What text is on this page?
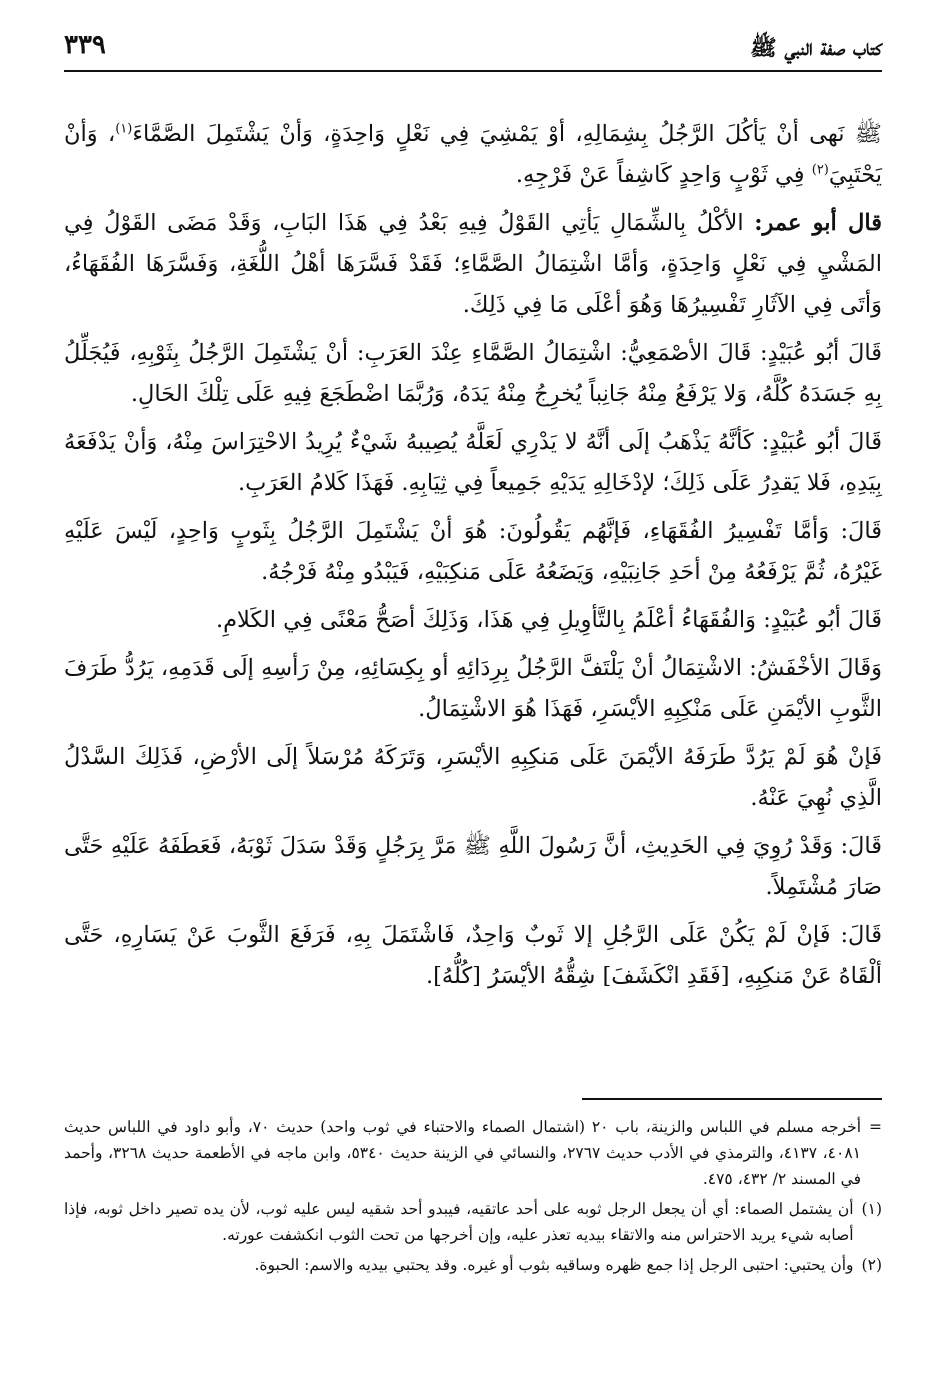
كتاب صفة النبي ﷺ
٣٣٩

ﷺ نَهى أنْ يَأكُلَ الرَّجُلُ بِشِمَالِهِ، أوْ يَمْشِيَ فِي نَعْلٍ وَاحِدَةٍ، وَأنْ يَشْتَمِلَ الصَّمَّاءَ$^{(١)}$، وَأنْ يَحْتَبِيَ$^{(٢)}$ فِي ثَوْبٍ وَاحِدٍ كَاشِفاً عَنْ فَرْجِهِ.

قال أبو عمر: الأكْلُ بِالشِّمَالِ يَأتِي القَوْلُ فِيهِ بَعْدُ فِي هَذَا البَابِ، وَقَدْ مَضَى القَوْلُ فِي المَشْيِ فِي نَعْلٍ وَاحِدَةٍ، وَأمَّا اشْتِمَالُ الصَّمَّاءِ؛ فَقَدْ فَسَّرَهَا أهْلُ اللُّغَةِ، وَفَسَّرَهَا الفُقَهَاءُ، وَأتَى فِي الآثَارِ تَفْسِيرُهَا وَهُوَ أعْلَى مَا فِي ذَلِكَ.

قَالَ أبُو عُبَيْدٍ: قَالَ الأصْمَعِيُّ: اشْتِمَالُ الصَّمَّاءِ عِنْدَ العَرَبِ: أنْ يَشْتَمِلَ الرَّجُلُ بِثَوْبِهِ، فَيُجَلِّلُ بِهِ جَسَدَهُ كُلَّهُ، وَلا يَرْفَعُ مِنْهُ جَانِباً يُخرِجُ مِنْهُ يَدَهُ، وَرُبَّمَا اضْطَجَعَ فِيهِ عَلَى تِلْكَ الحَالِ.

قَالَ أبُو عُبَيْدٍ: كَأنَّهُ يَذْهَبُ إلَى أنَّهُ لا يَدْرِي لَعَلَّهُ يُصِيبهُ شَيْءٌ يُرِيدُ الاحْتِرَاسَ مِنْهُ، وَأنْ يَدْفَعَهُ بِيَدِهِ، فَلا يَقدِرُ عَلَى ذَلِكَ؛ لإدْخَالِهِ يَدَيْهِ جَمِيعاً فِي ثِيَابِهِ. فَهَذَا كَلامُ العَرَبِ.

قَالَ: وَأمَّا تَفْسِيرُ الفُقَهَاءِ، فَإنَّهُم يَقُولُونَ: هُوَ أنْ يَشْتَمِلَ الرَّجُلُ بِثَوبٍ وَاحِدٍ، لَيْسَ عَلَيْهِ غَيْرُهُ، ثُمَّ يَرْفَعُهُ مِنْ أحَدِ جَانِبَيْهِ، وَيَضَعُهُ عَلَى مَنكِبَيْهِ، فَيَبْدُو مِنْهُ فَرْجُهُ.

قَالَ أبُو عُبَيْدٍ: وَالفُقَهَاءُ أعْلَمُ بِالتَّأوِيلِ فِي هَذَا، وَذَلِكَ أصَحُّ مَعْنًى فِي الكَلامِ.

وَقَالَ الأخْفَشُ: الاشْتِمَالُ أنْ يَلْتَفَّ الرَّجُلُ بِرِدَائِهِ أو بِكِسَائِهِ، مِنْ رَأسِهِ إلَى قَدَمِهِ، يَرُدُّ طَرَفَ الثَّوبِ الأيْمَنِ عَلَى مَنْكِبِهِ الأيْسَرِ، فَهَذَا هُوَ الاشْتِمَالُ.

فَإنْ هُوَ لَمْ يَرُدَّ طَرَفَهُ الأيْمَنَ عَلَى مَنكِبِهِ الأيْسَرِ، وَتَرَكَهُ مُرْسَلاً إلَى الأرْضِ، فَذَلِكَ السَّدْلُ الَّذِي نُهِيَ عَنْهُ.

قَالَ: وَقَدْ رُوِيَ فِي الحَدِيثِ، أنَّ رَسُولَ اللَّهِ ﷺ مَرَّ بِرَجُلٍ وَقَدْ سَدَلَ ثَوْبَهُ، فَعَطَفَهُ عَلَيْهِ حَتَّى صَارَ مُشْتَمِلاً.

قَالَ: فَإنْ لَمْ يَكُنْ عَلَى الرَّجُلِ إلا ثَوبٌ وَاحِدٌ، فَاشْتَمَلَ بِهِ، فَرَفَعَ الثَّوبَ عَنْ يَسَارِهِ، حَتَّى ألْقَاهُ عَنْ مَنكِبِهِ، [فَقَدِ انْكَشَفَ] شِقُّهُ الأيْسَرُ [كُلُّهُ].

=
أخرجه مسلم في اللباس والزينة، باب ٢٠ (اشتمال الصماء والاحتباء في ثوب واحد) حديث ٧٠، وأبو داود في اللباس حديث ٤٠٨١، ٤١٣٧، والترمذي في الأدب حديث ٢٧٦٧، والنسائي في الزينة حديث ٥٣٤٠، وابن ماجه في الأطعمة حديث ٣٢٦٨، وأحمد في المسند ٢/ ٤٣٢، ٤٧٥.

(١)
أن يشتمل الصماء: أي أن يجعل الرجل ثوبه على أحد عاتقيه، فيبدو أحد شقيه ليس عليه ثوب، لأن يده تصير داخل ثوبه، فإذا أصابه شيء يريد الاحتراس منه والاتقاء بيديه تعذر عليه، وإن أخرجها من تحت الثوب انكشفت عورته.

(٢)
وأن يحتبي: احتبى الرجل إذا جمع ظهره وساقيه بثوب أو غيره. وقد يحتبي بيديه والاسم: الحبوة.
